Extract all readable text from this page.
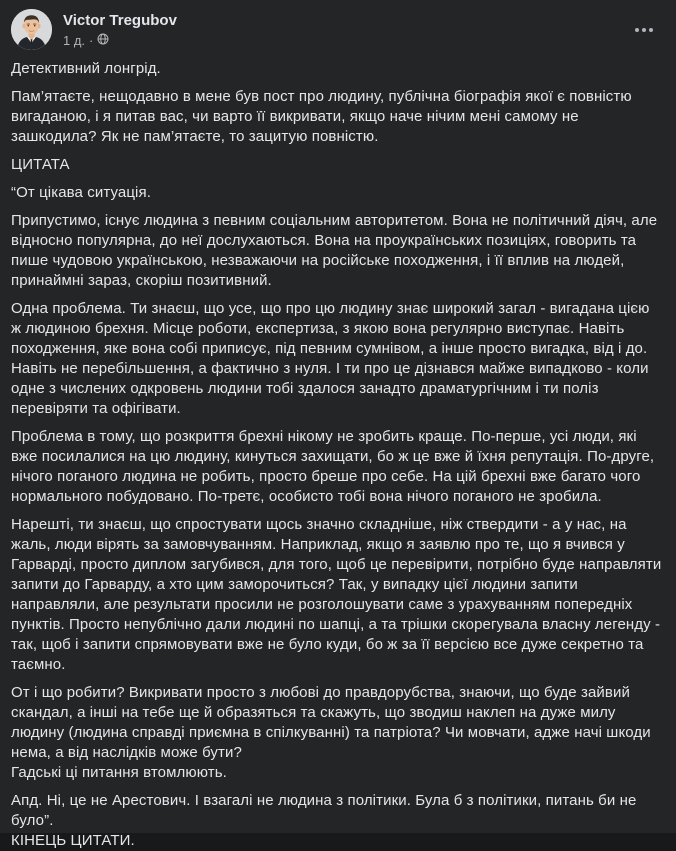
Victor Tregubov
1 д. ·
Детективний лонгрід.
Пам’ятаєте, нещодавно в мене був пост про людину, публічна біографія якої є повністю вигаданою, і я питав вас, чи варто її викривати, якщо наче нічим мені самому не зашкодила? Як не пам’ятаєте, то зацитую повністю.
ЦИТАТА
“От цікава ситуація.
Припустимо, існує людина з певним соціальним авторитетом. Вона не політичний діяч, але відносно популярна, до неї дослухаються. Вона на проукраїнських позиціях, говорить та пише чудовою українською, незважаючи на російське походження, і її вплив на людей, принаймні зараз, скоріш позитивний.
Одна проблема. Ти знаєш, що усе, що про цю людину знає широкий загал - вигадана цією ж людиною брехня. Місце роботи, експертиза, з якою вона регулярно виступає. Навіть походження, яке вона собі приписує, під певним сумнівом, а інше просто вигадка, від і до. Навіть не перебільшення, а фактично з нуля. І ти про це дізнався майже випадково - коли одне з числених одкровень людини тобі здалося занадто драматургічним і ти поліз перевіряти та офігівати.
Проблема в тому, що розкриття брехні нікому не зробить краще. По-перше, усі люди, які вже посилалися на цю людину, кинуться захищати, бо ж це вже й їхня репутація. По-друге, нічого поганого людина не робить, просто бреше про себе. На цій брехні вже багато чого нормального побудовано. По-третє, особисто тобі вона нічого поганого не зробила.
Нарешті, ти знаєш, що спростувати щось значно складніше, ніж ствердити - а у нас, на жаль, люди вірять за замовчуванням. Наприклад, якщо я заявлю про те, що я вчився у Гарварді, просто диплом загубився, для того, щоб це перевірити, потрібно буде направляти запити до Гарварду, а хто цим заморочиться? Так, у випадку цієї людини запити направляли, але результати просили не розголошувати саме з урахуванням попередніх пунктів. Просто непублічно дали людині по шапці, а та трішки скорегувала власну легенду - так, щоб і запити спрямовувати вже не було куди, бо ж за її версією все дуже секретно та таємно.
От і що робити? Викривати просто з любові до правдорубства, знаючи, що буде зайвий скандал, а інші на тебе ще й образяться та скажуть, що зводиш наклеп на дуже милу людину (людина справді приємна в спілкуванні) та патріота? Чи мовчати, адже начі шкоди нема, а від наслідків може бути?
Гадські ці питання втомлюють.
Апд. Ні, це не Арестович. І взагалі не людина з політики. Була б з політики, питань би не було”.
КІНЕЦЬ ЦИТАТИ.
